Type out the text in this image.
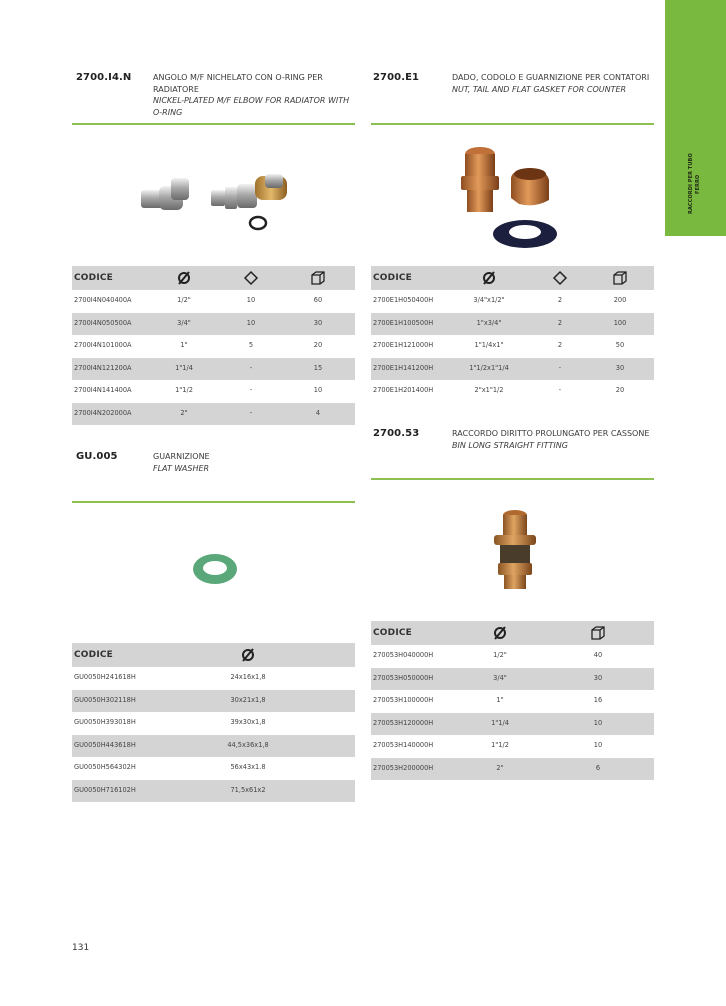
RACCORDI PER TUBO FERRO
2700.I4.N	ANGOLO M/F NICHELATO CON O-RING PER RADIATORE
NICKEL-PLATED M/F ELBOW FOR RADIATOR WITH O-RING
CODICE
2700I4N040400A	1/2"	10	60
2700I4N050500A	3/4"	10	30
2700I4N101000A	1"	5	20
2700I4N121200A	1"1/4	-	15
2700I4N141400A	1"1/2	-	10
2700I4N202000A	2"	-	4
2700.E1	DADO, CODOLO E GUARNIZIONE PER CONTATORI
NUT, TAIL AND FLAT GASKET FOR COUNTER
CODICE
2700E1H050400H	3/4"x1/2"	2	200
2700E1H100500H	1"x3/4"	2	100
2700E1H121000H	1"1/4x1"	2	50
2700E1H141200H	1"1/2x1"1/4	-	30
2700E1H201400H	2"x1"1/2	-	20
GU.005	GUARNIZIONE
FLAT WASHER
CODICE
GU0050H241618H	24x16x1,8
GU0050H302118H	30x21x1,8
GU0050H393018H	39x30x1,8
GU0050H443618H	44,5x36x1,8
GU0050H564302H	56x43x1.8
GU0050H716102H	71,5x61x2
2700.53	RACCORDO DIRITTO PROLUNGATO PER CASSONE
BIN LONG STRAIGHT FITTING
CODICE
270053H040000H	1/2"	40
270053H050000H	3/4"	30
270053H100000H	1"	16
270053H120000H	1"1/4	10
270053H140000H	1"1/2	10
270053H200000H	2"	6
131
